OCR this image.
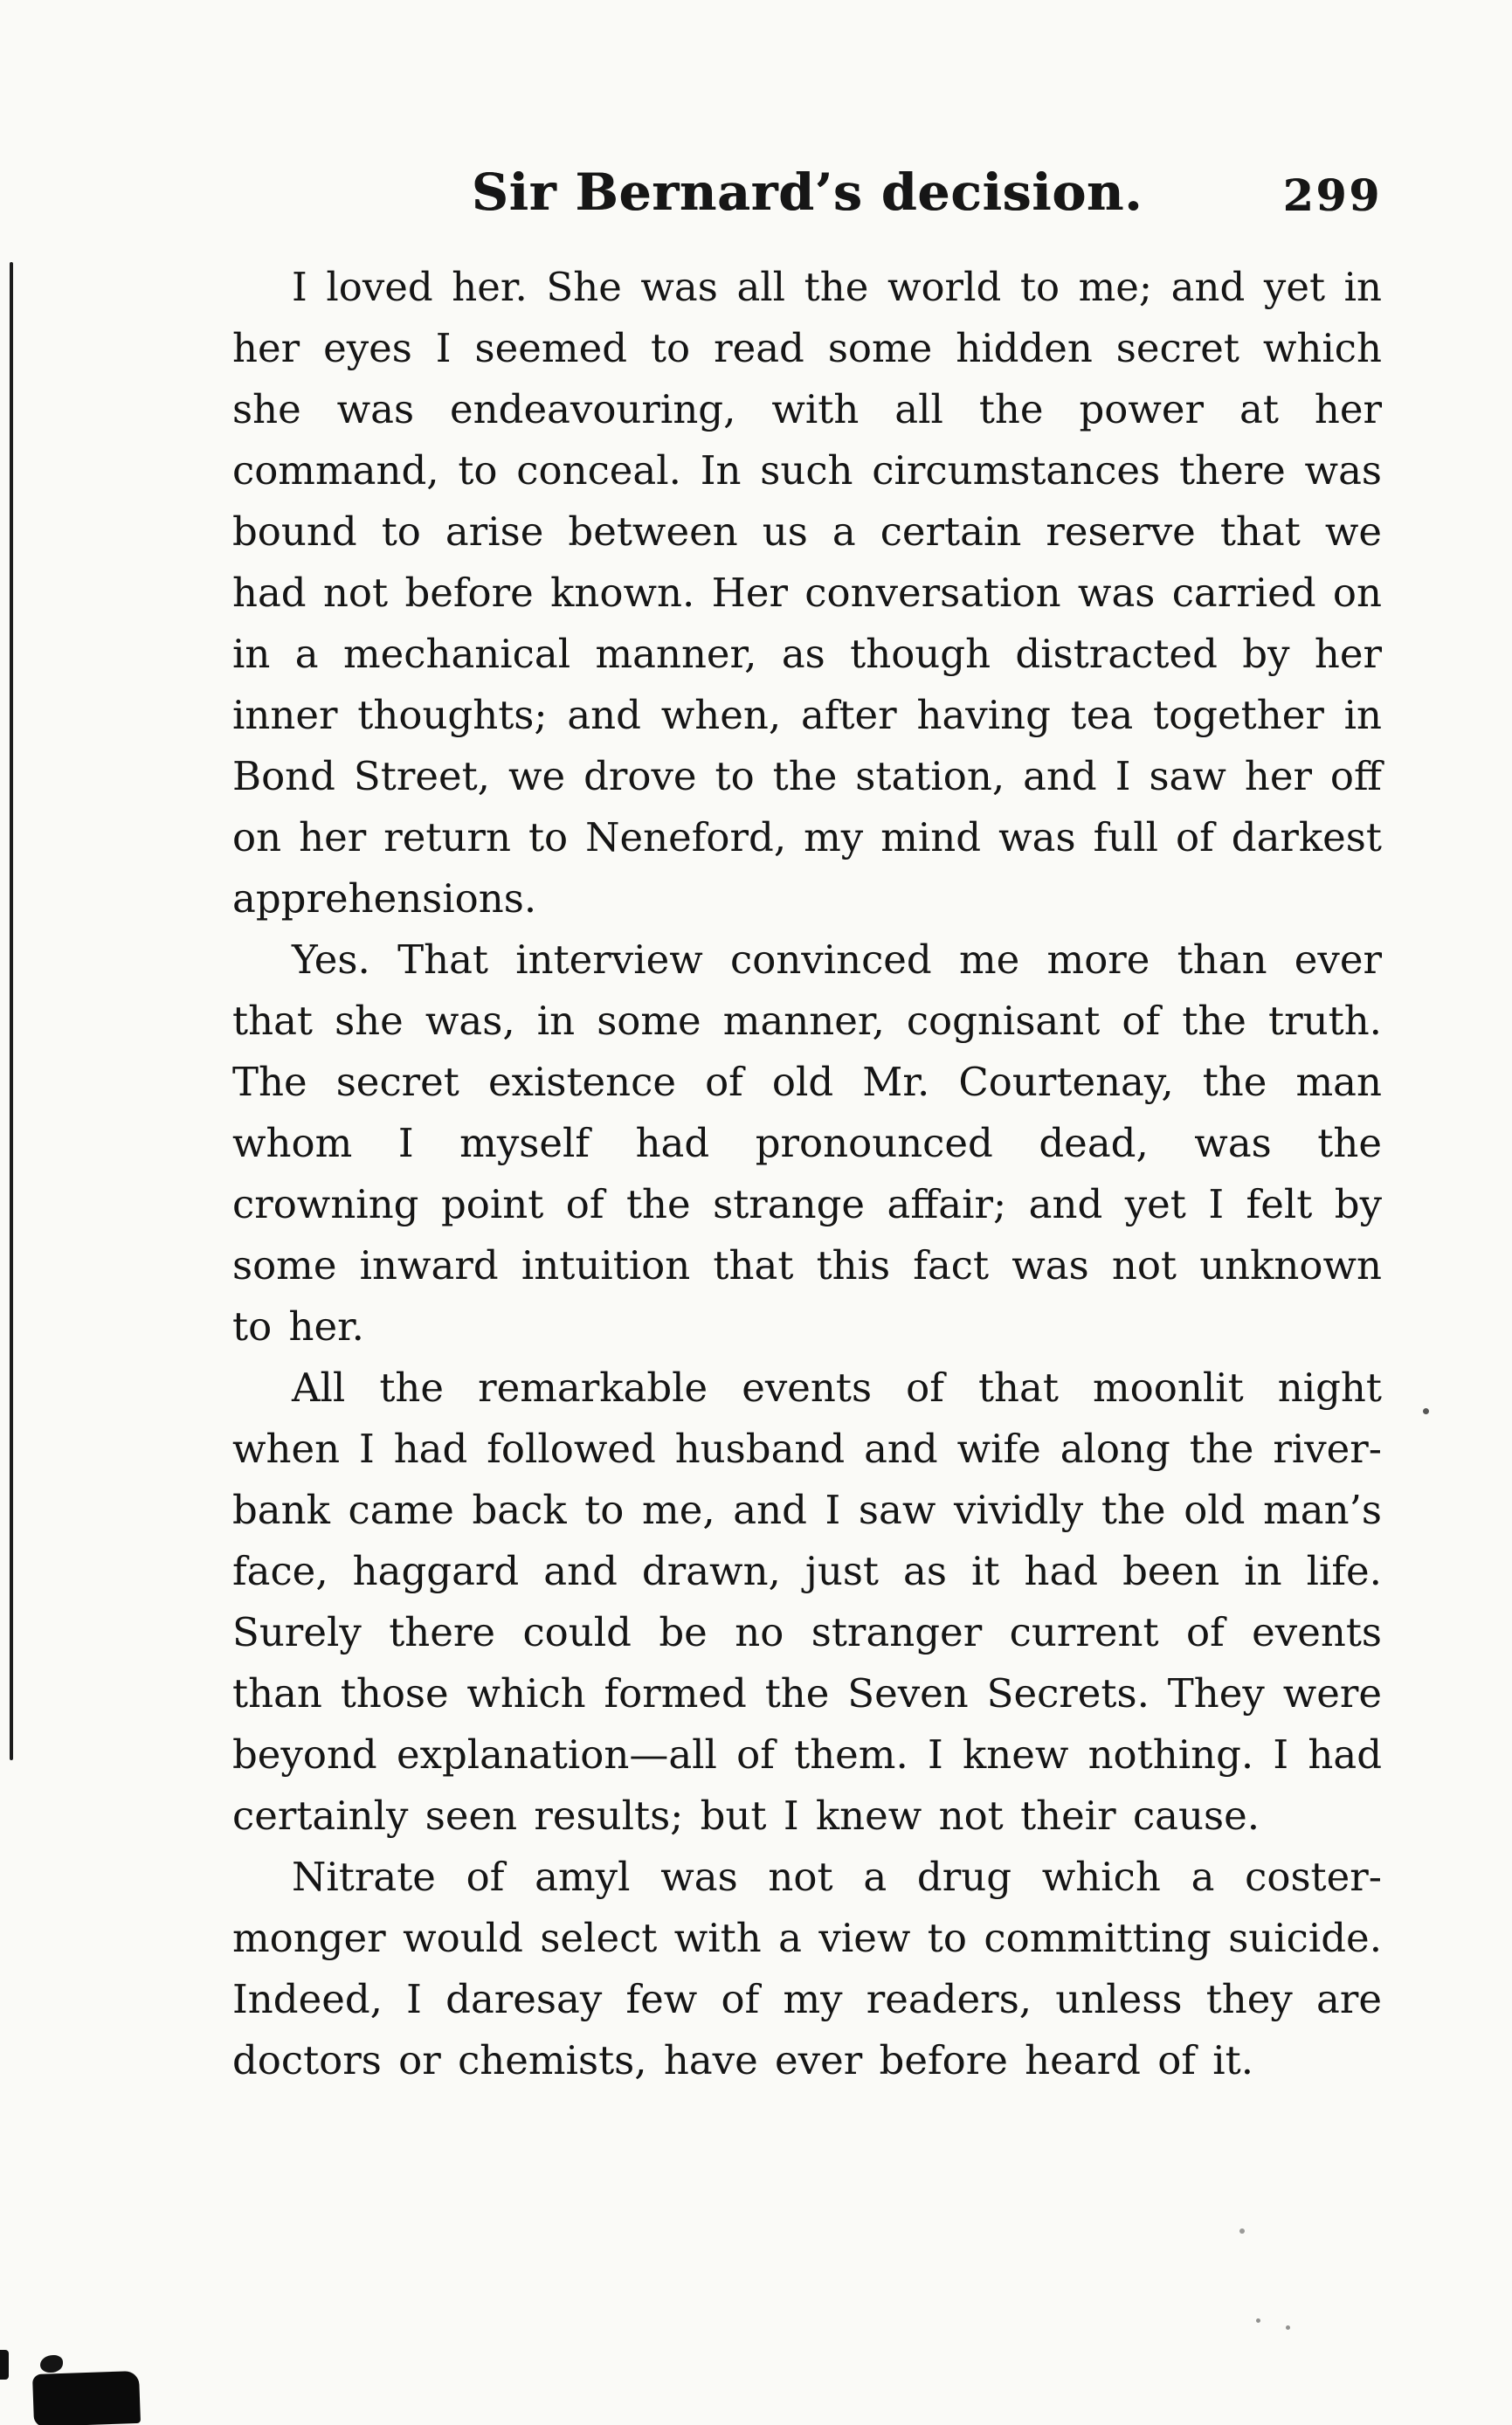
Sir Bernard’s decision.	299

I loved her. She was all the world to me; and yet in her eyes I seemed to read some hidden secret which she was endeavouring, with all the power at her command, to conceal. In such circumstances there was bound to arise between us a certain reserve that we had not before known. Her conversation was carried on in a mechanical manner, as though distracted by her inner thoughts; and when, after having tea together in Bond Street, we drove to the station, and I saw her off on her return to Neneford, my mind was full of darkest apprehensions.

Yes. That interview convinced me more than ever that she was, in some manner, cognisant of the truth. The secret existence of old Mr. Courtenay, the man whom I myself had pronounced dead, was the crowning point of the strange affair; and yet I felt by some inward intuition that this fact was not unknown to her.

All the remarkable events of that moonlit night when I had followed husband and wife along the river-bank came back to me, and I saw vividly the old man’s face, haggard and drawn, just as it had been in life. Surely there could be no stranger current of events than those which formed the Seven Secrets. They were beyond explanation—all of them. I knew nothing. I had certainly seen results; but I knew not their cause.

Nitrate of amyl was not a drug which a coster-monger would select with a view to committing suicide. Indeed, I daresay few of my readers, unless they are doctors or chemists, have ever before heard of it.
